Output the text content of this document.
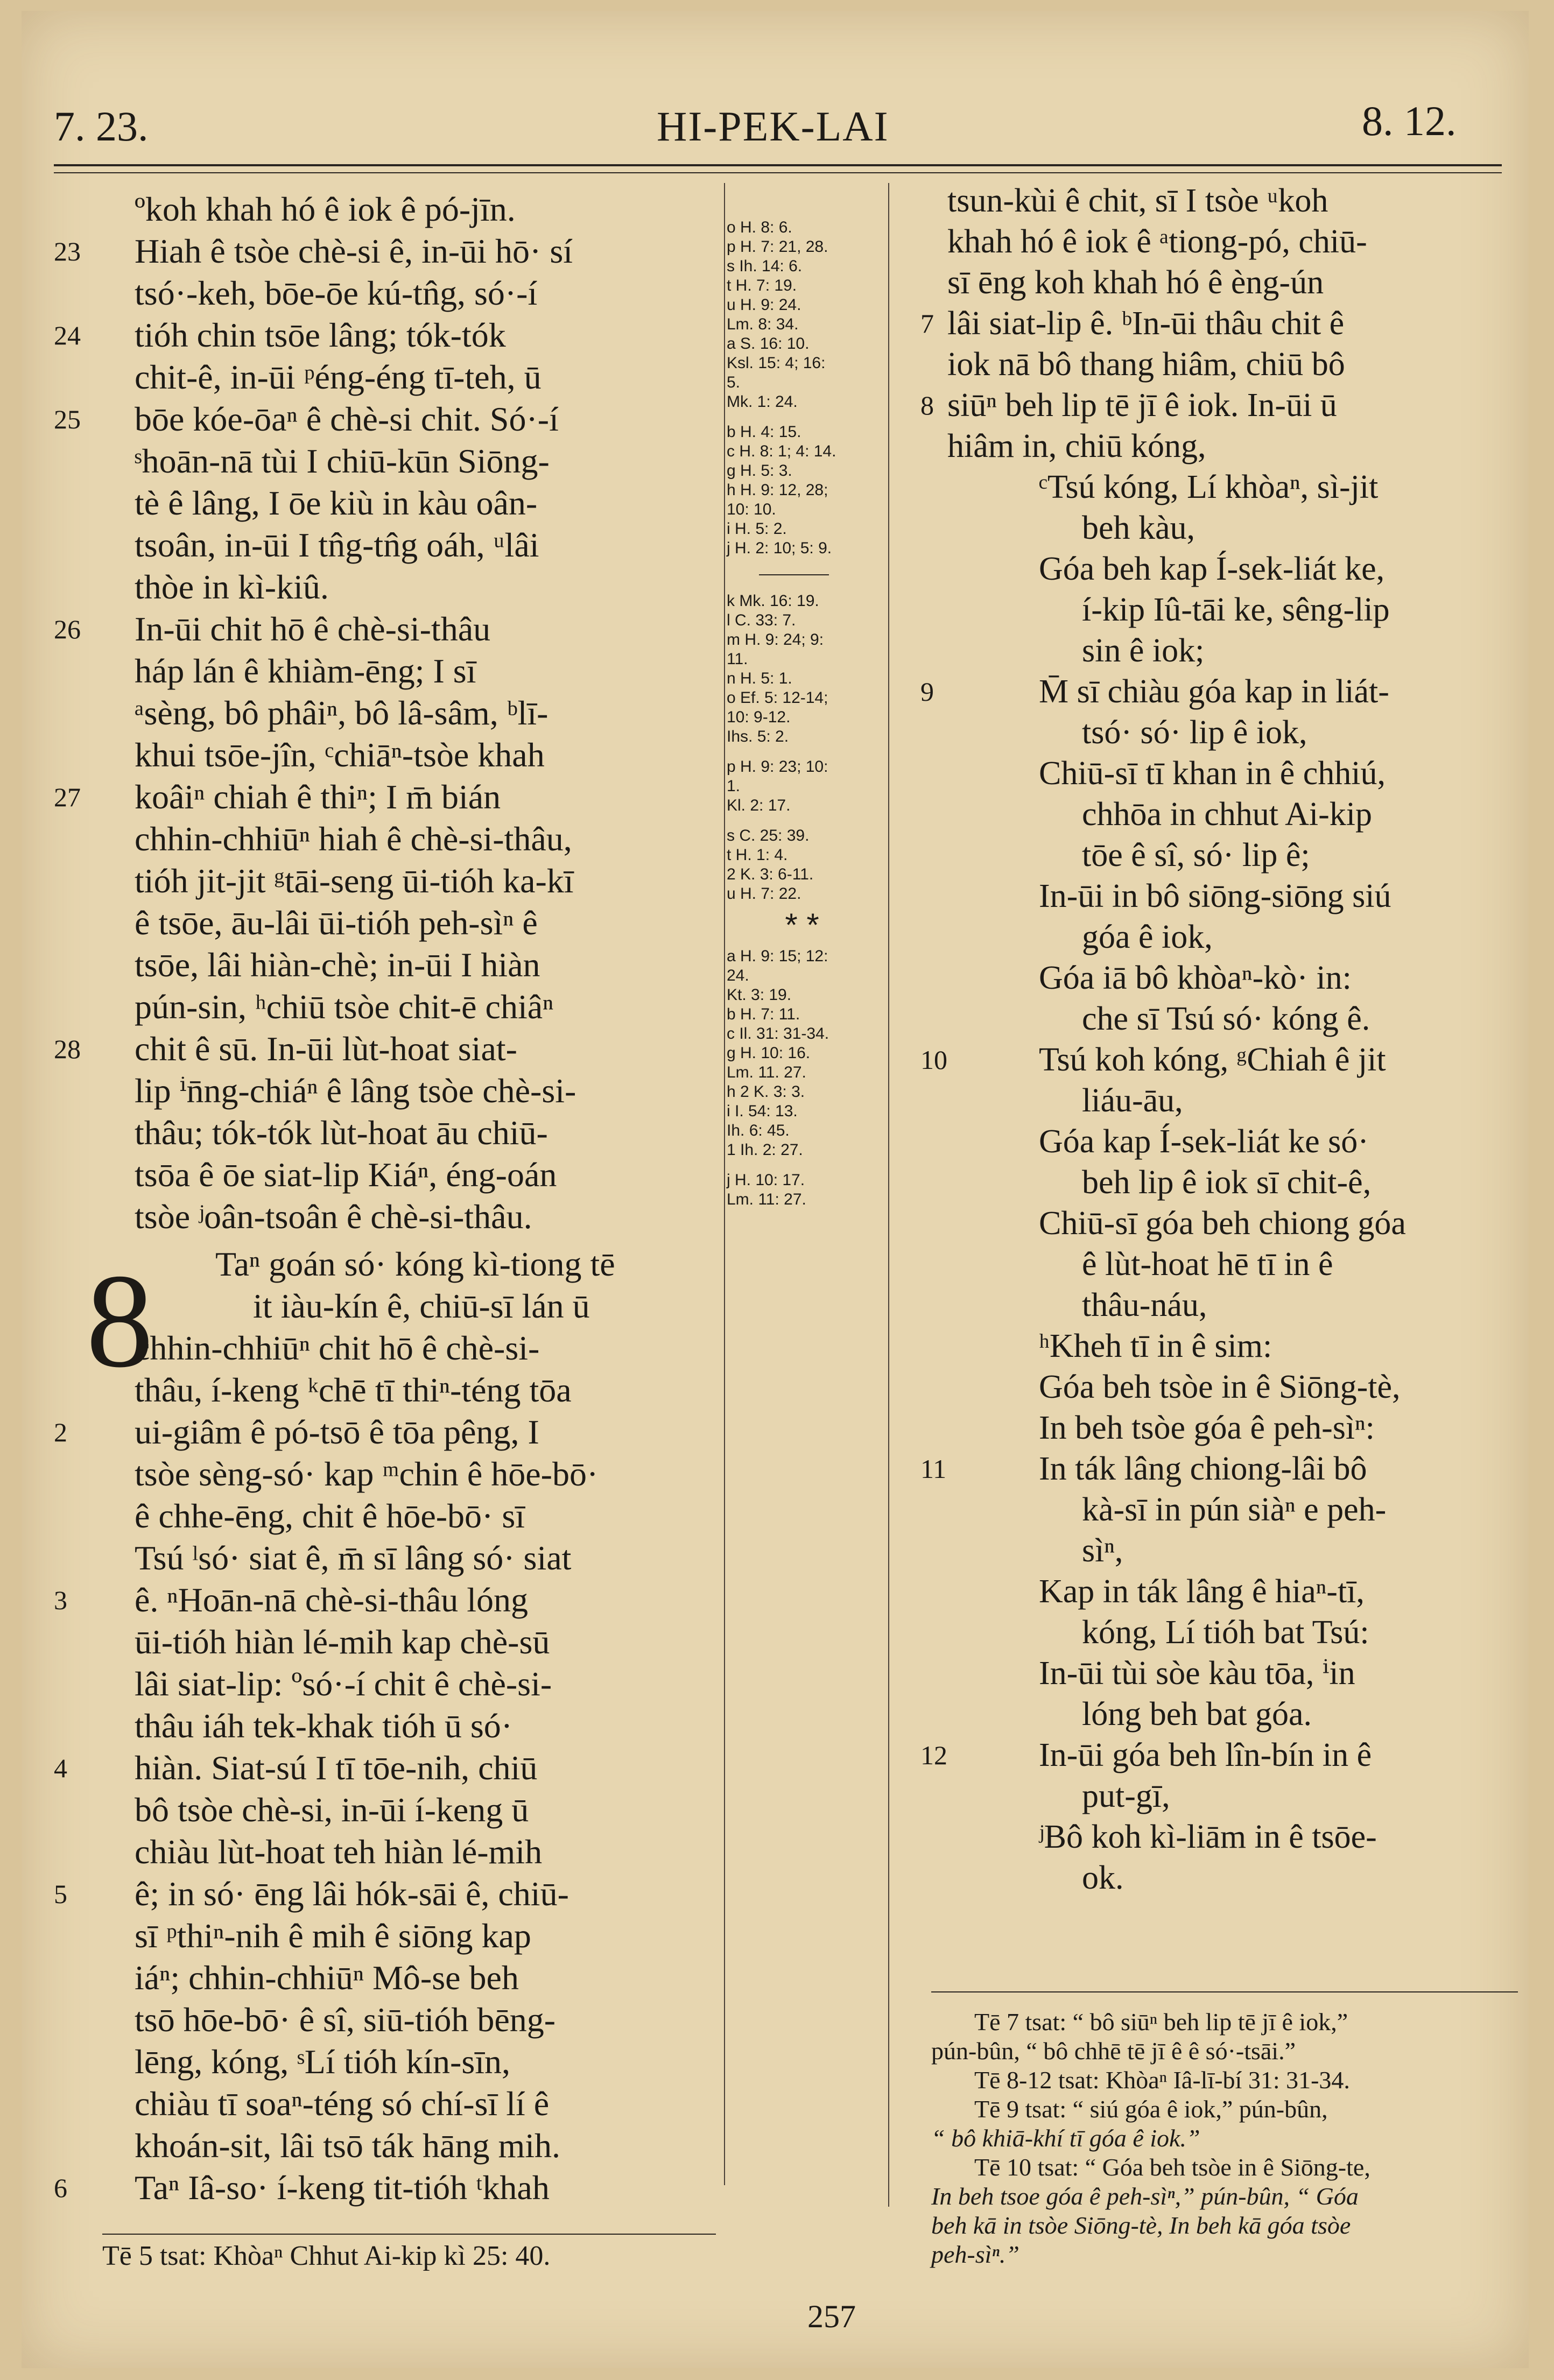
7. 23.	HI-PEK-LAI	8. 12.
ºkoh khah hó ê iok ê pó-jīn.
23	Hiah ê tsòe chè-si ê, in-ūi hō· sí
tsó·-keh, bōe-ōe kú-tn̂g, só·-í
24	tióh chin tsōe lâng; tók-tók
chit-ê, in-ūi ᵖéng-éng tī-teh, ū
25	bōe kóe-ōaⁿ ê chè-si chit. Só·-í
ˢhoān-nā tùi I chiū-kūn Siōng-
tè ê lâng, I ōe kiù in kàu oân-
tsoân, in-ūi I tn̂g-tn̂g oáh, ᵘlâi
thòe in kì-kiû.
26	In-ūi chit hō ê chè-si-thâu
háp lán ê khiàm-ēng; I sī
ᵃsèng, bô phâiⁿ, bô lâ-sâm, ᵇlī-
khui tsōe-jîn, ᶜchiāⁿ-tsòe khah
27	koâiⁿ chiah ê thiⁿ; I m̄ bián
chhin-chhiūⁿ hiah ê chè-si-thâu,
tióh jit-jit ᵍtāi-seng ūi-tióh ka-kī
ê tsōe, āu-lâi ūi-tióh peh-sìⁿ ê
tsōe, lâi hiàn-chè; in-ūi I hiàn
pún-sin, ʰchiū tsòe chit-ē chiâⁿ
28	chit ê sū. In-ūi lùt-hoat siat-
lip ⁱn̄ng-chiáⁿ ê lâng tsòe chè-si-
thâu; tók-tók lùt-hoat āu chiū-
tsōa ê ōe siat-lip Kiáⁿ, éng-oán
tsòe ʲoân-tsoân ê chè-si-thâu.
Taⁿ goán só· kóng kì-tiong tē
it iàu-kín ê, chiū-sī lán ū
chhin-chhiūⁿ chit hō ê chè-si-
thâu, í-keng ᵏchē tī thiⁿ-téng tōa
2	ui-giâm ê pó-tsō ê tōa pêng, I
tsòe sèng-só· kap ᵐchin ê hōe-bō·
ê chhe-ēng, chit ê hōe-bō· sī
Tsú ˡsó· siat ê, m̄ sī lâng só· siat
3	ê. ⁿHoān-nā chè-si-thâu lóng
ūi-tióh hiàn lé-mih kap chè-sū
lâi siat-lip: ºsó·-í chit ê chè-si-
thâu iáh tek-khak tióh ū só·
4	hiàn. Siat-sú I tī tōe-nih, chiū
bô tsòe chè-si, in-ūi í-keng ū
chiàu lùt-hoat teh hiàn lé-mih
5	ê; in só· ēng lâi hók-sāi ê, chiū-
sī ᵖthiⁿ-nih ê mih ê siōng kap
iáⁿ; chhin-chhiūⁿ Mô-se beh
tsō hōe-bō· ê sî, siū-tióh bēng-
lēng, kóng, ˢLí tióh kín-sīn,
chiàu tī soaⁿ-téng só chí-sī lí ê
khoán-sit, lâi tsō ták hāng mih.
6	Taⁿ Iâ-so· í-keng tit-tióh ᵗkhah
8
o H. 8: 6.
p H. 7: 21, 28.
s Ih. 14: 6.
t H. 7: 19.
u H. 9: 24.
Lm. 8: 34.
a S. 16: 10.
Ksl. 15: 4; 16:
5.
Mk. 1: 24.
b H. 4: 15.
c H. 8: 1; 4: 14.
g H. 5: 3.
h H. 9: 12, 28;
10: 10.
i H. 5: 2.
j H. 2: 10; 5: 9.
k Mk. 16: 19.
l C. 33: 7.
m H. 9: 24; 9:
11.
n H. 5: 1.
o Ef. 5: 12-14;
10: 9-12.
Ihs. 5: 2.
p H. 9: 23; 10:
1.
Kl. 2: 17.
s C. 25: 39.
t H. 1: 4.
2 K. 3: 6-11.
u H. 7: 22.
* *
a H. 9: 15; 12:
24.
Kt. 3: 19.
b H. 7: 11.
c Il. 31: 31-34.
g H. 10: 16.
Lm. 11. 27.
h 2 K. 3: 3.
i I. 54: 13.
Ih. 6: 45.
1 Ih. 2: 27.
j H. 10: 17.
Lm. 11: 27.
tsun-kùi ê chit, sī I tsòe ᵘkoh
khah hó ê iok ê ᵃtiong-pó, chiū-
sī ēng koh khah hó ê èng-ún
7 lâi siat-lip ê. ᵇIn-ūi thâu chit ê
iok nā bô thang hiâm, chiū bô
8 siūⁿ beh lip tē jī ê iok. In-ūi ū
hiâm in, chiū kóng,
ᶜTsú kóng, Lí khòaⁿ, sì-jit
beh kàu,
Góa beh kap Í-sek-liát ke,
í-kip Iû-tāi ke, sêng-lip
sin ê iok;
9	M̄ sī chiàu góa kap in liát-
tsó· só· lip ê iok,
Chiū-sī tī khan in ê chhiú,
chhōa in chhut Ai-kip
tōe ê sî, só· lip ê;
In-ūi in bô siōng-siōng siú
góa ê iok,
Góa iā bô khòaⁿ-kò· in:
che sī Tsú só· kóng ê.
10	Tsú koh kóng, ᵍChiah ê jit
liáu-āu,
Góa kap Í-sek-liát ke só·
beh lip ê iok sī chit-ê,
Chiū-sī góa beh chiong góa
ê lùt-hoat hē tī in ê
thâu-náu,
ʰKheh tī in ê sim:
Góa beh tsòe in ê Siōng-tè,
In beh tsòe góa ê peh-sìⁿ:
11	In ták lâng chiong-lâi bô
kà-sī in pún siàⁿ e peh-
sìⁿ,
Kap in ták lâng ê hiaⁿ-tī,
kóng, Lí tióh bat Tsú:
In-ūi tùi sòe kàu tōa, ⁱin
lóng beh bat góa.
12	In-ūi góa beh lîn-bín in ê
put-gī,
ʲBô koh kì-liām in ê tsōe-
ok.
Tē 5 tsat: Khòaⁿ Chhut Ai-kip kì 25: 40.
Tē 7 tsat: “ bô siūⁿ beh lip tē jī ê iok,”
pún-bûn, “ bô chhē tē jī ê ê só·-tsāi.”
Tē 8-12 tsat: Khòaⁿ Iâ-lī-bí 31: 31-34.
Tē 9 tsat: “ siú góa ê iok,” pún-bûn,
“ bô khiā-khí tī góa ê iok.”
Tē 10 tsat: “ Góa beh tsòe in ê Siōng-te,
In beh tsoe góa ê peh-sìⁿ,” pún-bûn, “ Góa
beh kā in tsòe Siōng-tè, In beh kā góa tsòe
peh-sìⁿ.”
257
